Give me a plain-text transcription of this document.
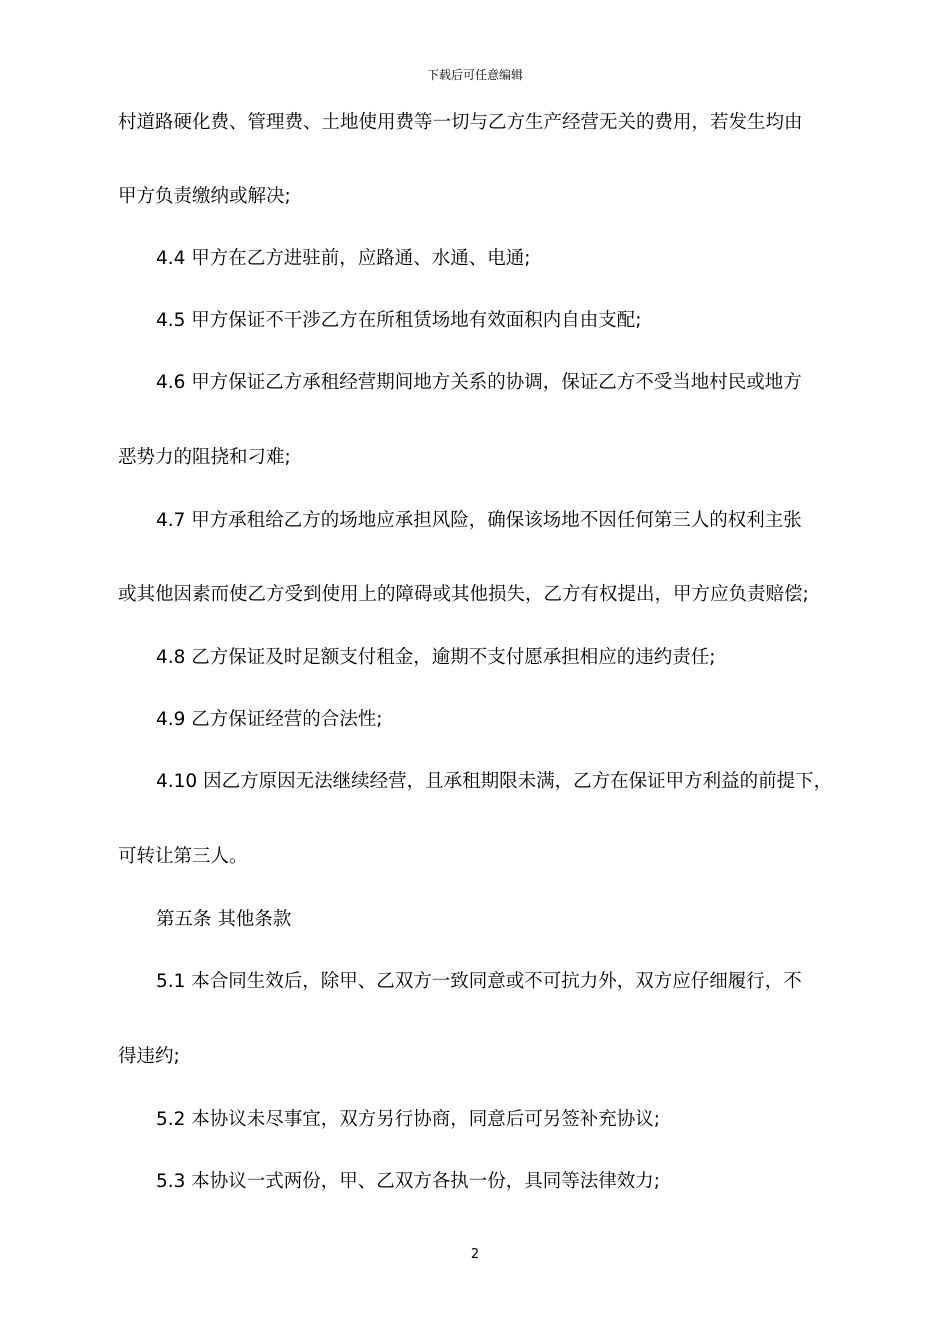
下载后可任意编辑
村道路硬化费、管理费、土地使用费等一切与乙方生产经营无关的费用，若发生均由
甲方负责缴纳或解决;
4.4 甲方在乙方进驻前，应路通、水通、电通;
4.5 甲方保证不干涉乙方在所租赁场地有效面积内自由支配;
4.6 甲方保证乙方承租经营期间地方关系的协调，保证乙方不受当地村民或地方
恶势力的阻挠和刁难;
4.7 甲方承租给乙方的场地应承担风险，确保该场地不因任何第三人的权利主张
或其他因素而使乙方受到使用上的障碍或其他损失，乙方有权提出，甲方应负责赔偿;
4.8 乙方保证及时足额支付租金，逾期不支付愿承担相应的违约责任;
4.9 乙方保证经营的合法性;
4.10 因乙方原因无法继续经营，且承租期限未满，乙方在保证甲方利益的前提下，
可转让第三人。
第五条 其他条款
5.1 本合同生效后，除甲、乙双方一致同意或不可抗力外，双方应仔细履行，不
得违约;
5.2 本协议未尽事宜，双方另行协商，同意后可另签补充协议;
5.3 本协议一式两份，甲、乙双方各执一份，具同等法律效力;
2
